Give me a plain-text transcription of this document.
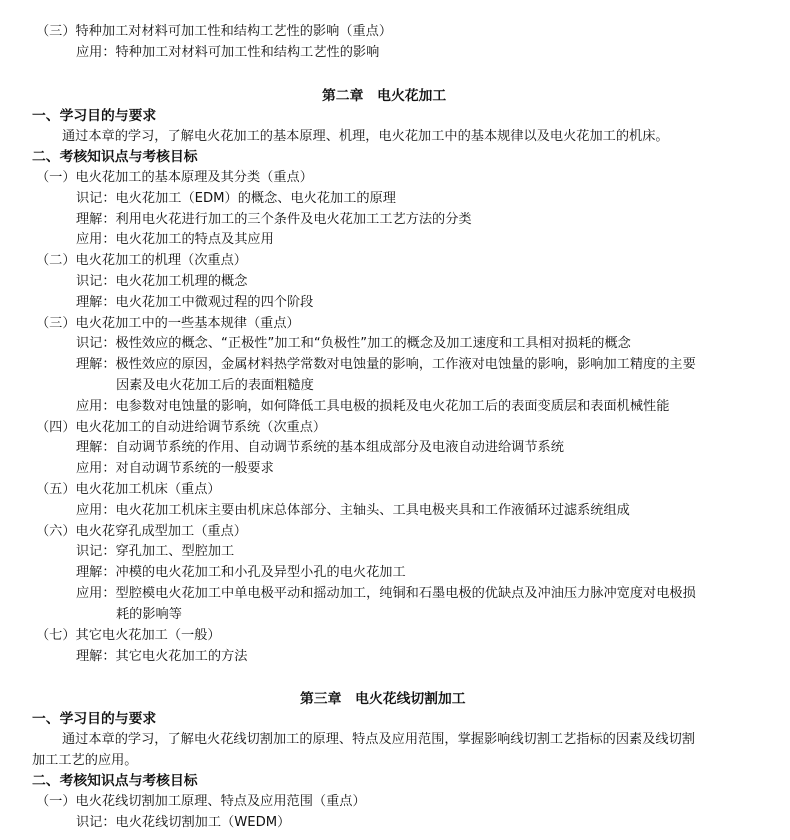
（三）特种加工对材料可加工性和结构工艺性的影响（重点）
应用：特种加工对材料可加工性和结构工艺性的影响
第二章　电火花加工
一、学习目的与要求
通过本章的学习，了解电火花加工的基本原理、机理，电火花加工中的基本规律以及电火花加工的机床。
二、考核知识点与考核目标
（一）电火花加工的基本原理及其分类（重点）
识记：电火花加工（EDM）的概念、电火花加工的原理
理解：利用电火花进行加工的三个条件及电火花加工工艺方法的分类
应用：电火花加工的特点及其应用
（二）电火花加工的机理（次重点）
识记：电火花加工机理的概念
理解：电火花加工中微观过程的四个阶段
（三）电火花加工中的一些基本规律（重点）
识记：极性效应的概念、“正极性”加工和“负极性”加工的概念及加工速度和工具相对损耗的概念
理解：极性效应的原因，金属材料热学常数对电蚀量的影响，工作液对电蚀量的影响，影响加工精度的主要
因素及电火花加工后的表面粗糙度
应用：电参数对电蚀量的影响，如何降低工具电极的损耗及电火花加工后的表面变质层和表面机械性能
（四）电火花加工的自动进给调节系统（次重点）
理解：自动调节系统的作用、自动调节系统的基本组成部分及电液自动进给调节系统
应用：对自动调节系统的一般要求
（五）电火花加工机床（重点）
应用：电火花加工机床主要由机床总体部分、主轴头、工具电极夹具和工作液循环过滤系统组成
（六）电火花穿孔成型加工（重点）
识记：穿孔加工、型腔加工
理解：冲模的电火花加工和小孔及异型小孔的电火花加工
应用：型腔模电火花加工中单电极平动和摇动加工，纯铜和石墨电极的优缺点及冲油压力脉冲宽度对电极损
耗的影响等
（七）其它电火花加工（一般）
理解：其它电火花加工的方法
第三章　电火花线切割加工
一、学习目的与要求
通过本章的学习，了解电火花线切割加工的原理、特点及应用范围，掌握影响线切割工艺指标的因素及线切割
加工工艺的应用。
二、考核知识点与考核目标
（一）电火花线切割加工原理、特点及应用范围（重点）
识记：电火花线切割加工（WEDM）
